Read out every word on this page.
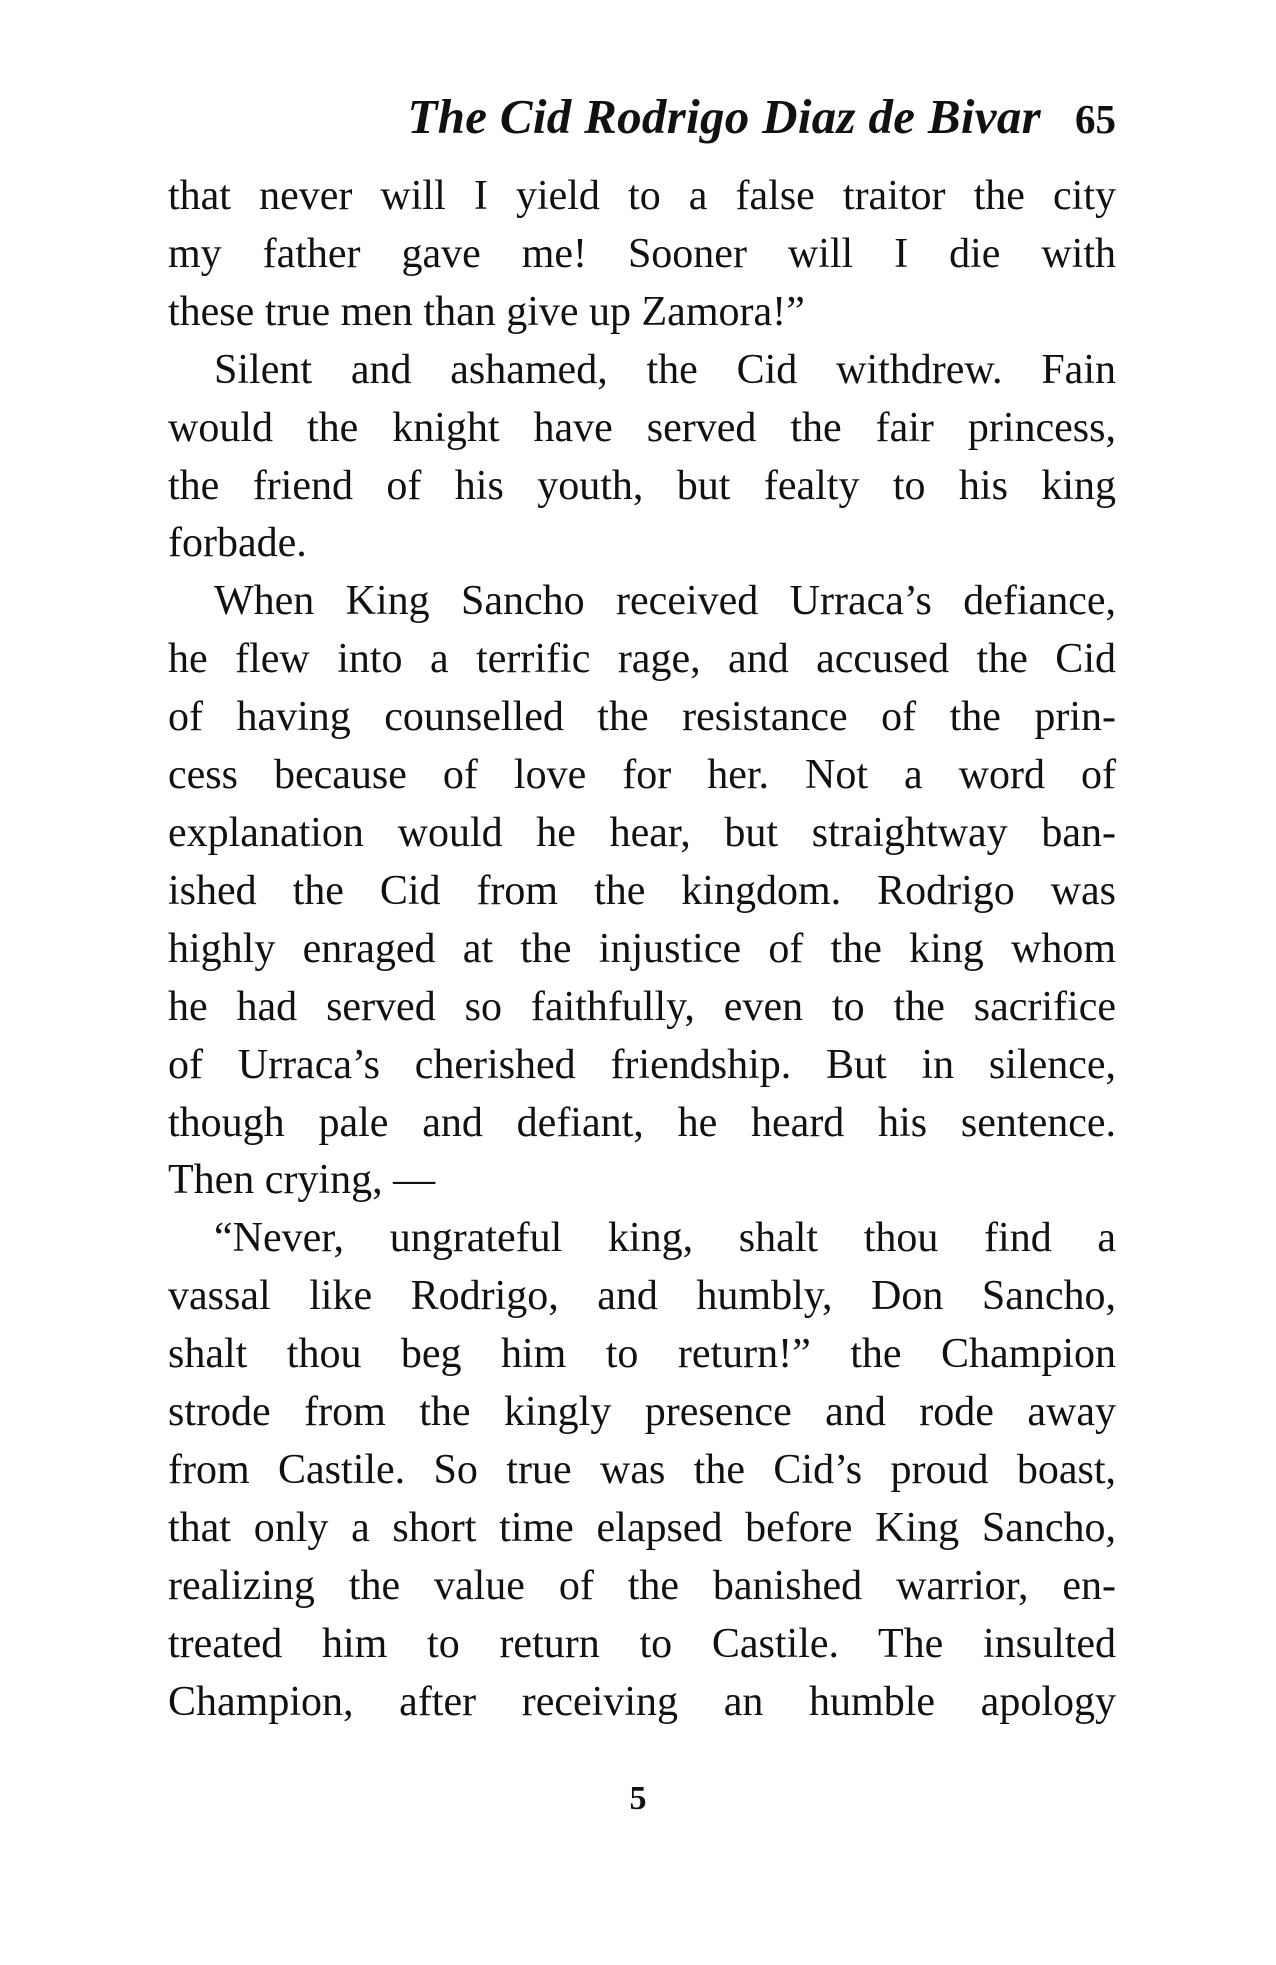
The Cid Rodrigo Diaz de Bivar 65
that never will I yield to a false traitor the city
my father gave me! Sooner will I die with
these true men than give up Zamora!”
Silent and ashamed, the Cid withdrew. Fain
would the knight have served the fair princess,
the friend of his youth, but fealty to his king
forbade.
When King Sancho received Urraca’s defiance,
he flew into a terrific rage, and accused the Cid
of having counselled the resistance of the prin-
cess because of love for her. Not a word of
explanation would he hear, but straightway ban-
ished the Cid from the kingdom. Rodrigo was
highly enraged at the injustice of the king whom
he had served so faithfully, even to the sacrifice
of Urraca’s cherished friendship. But in silence,
though pale and defiant, he heard his sentence.
Then crying, —
“Never, ungrateful king, shalt thou find a
vassal like Rodrigo, and humbly, Don Sancho,
shalt thou beg him to return!” the Champion
strode from the kingly presence and rode away
from Castile. So true was the Cid’s proud boast,
that only a short time elapsed before King Sancho,
realizing the value of the banished warrior, en-
treated him to return to Castile. The insulted
Champion, after receiving an humble apology
5
